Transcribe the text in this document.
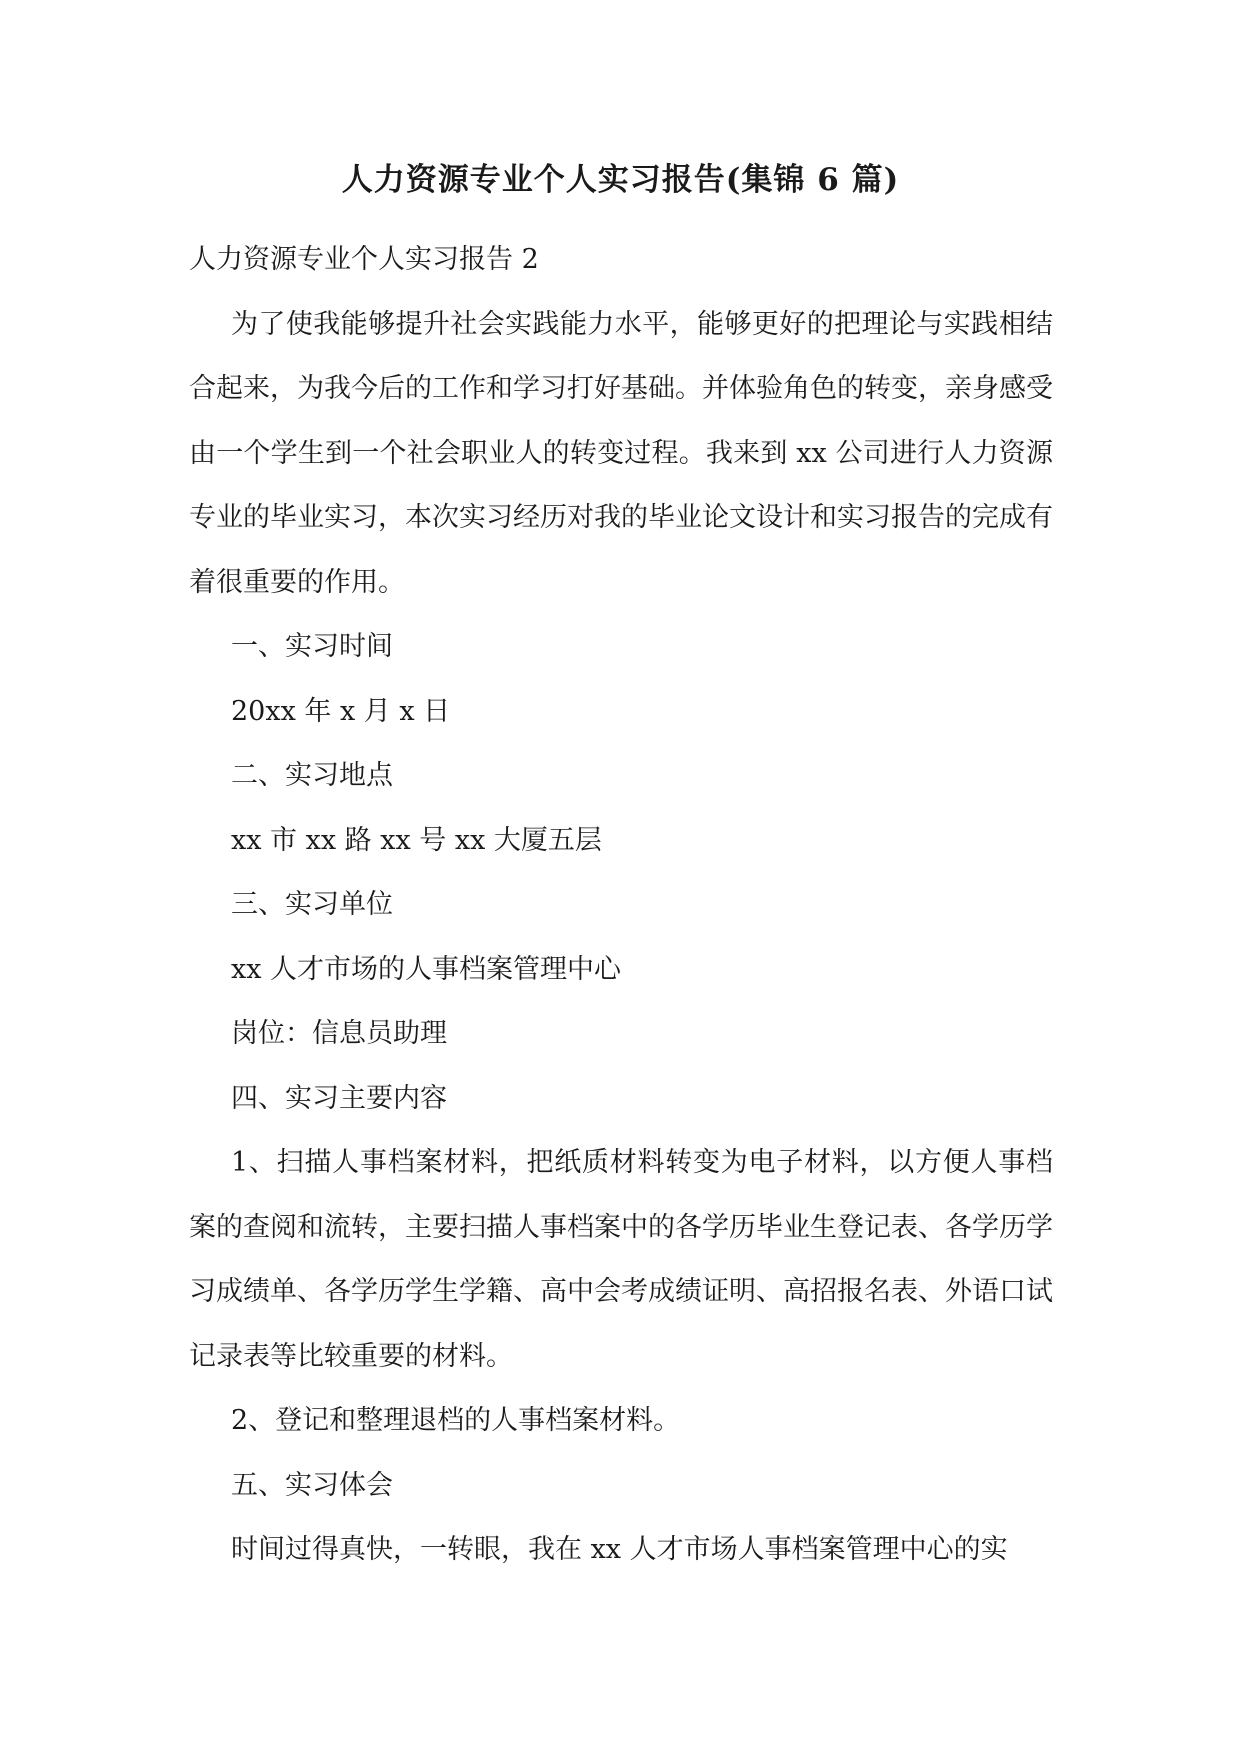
人力资源专业个人实习报告(集锦 6 篇)

人力资源专业个人实习报告 2

为了使我能够提升社会实践能力水平，能够更好的把理论与实践相结合起来，为我今后的工作和学习打好基础。并体验角色的转变，亲身感受由一个学生到一个社会职业人的转变过程。我来到 xx 公司进行人力资源专业的毕业实习，本次实习经历对我的毕业论文设计和实习报告的完成有着很重要的作用。

一、实习时间

20xx 年 x 月 x 日

二、实习地点

xx 市 xx 路 xx 号 xx 大厦五层

三、实习单位

xx 人才市场的人事档案管理中心

岗位：信息员助理

四、实习主要内容

1、扫描人事档案材料，把纸质材料转变为电子材料，以方便人事档案的查阅和流转，主要扫描人事档案中的各学历毕业生登记表、各学历学习成绩单、各学历学生学籍、高中会考成绩证明、高招报名表、外语口试记录表等比较重要的材料。

2、登记和整理退档的人事档案材料。

五、实习体会

时间过得真快，一转眼，我在 xx 人才市场人事档案管理中心的实
